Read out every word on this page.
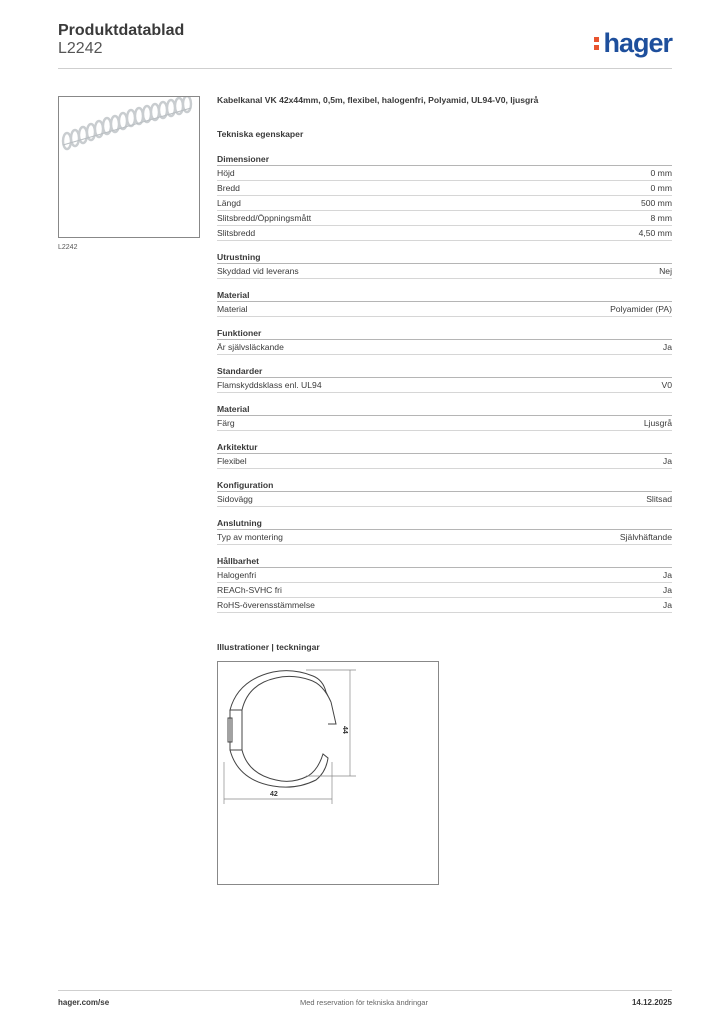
Produktdatablad
L2242	hager
L2242
Kabelkanal VK 42x44mm, 0,5m, flexibel, halogenfri, Polyamid, UL94-V0, ljusgrå
Tekniska egenskaper
Dimensioner
Höjd	0 mm
Bredd	0 mm
Längd	500 mm
Slitsbredd/Öppningsmått	8 mm
Slitsbredd	4,50 mm
Utrustning
Skyddad vid leverans	Nej
Material
Material	Polyamider (PA)
Funktioner
Är självsläckande	Ja
Standarder
Flamskyddsklass enl. UL94	V0
Material
Färg	Ljusgrå
Arkitektur
Flexibel	Ja
Konfiguration
Sidovägg	Slitsad
Anslutning
Typ av montering	Självhäftande
Hållbarhet
Halogenfri	Ja
REACh-SVHC fri	Ja
RoHS-överensstämmelse	Ja
Illustrationer | teckningar
44
42
hager.com/se	Med reservation för tekniska ändringar	14.12.2025
